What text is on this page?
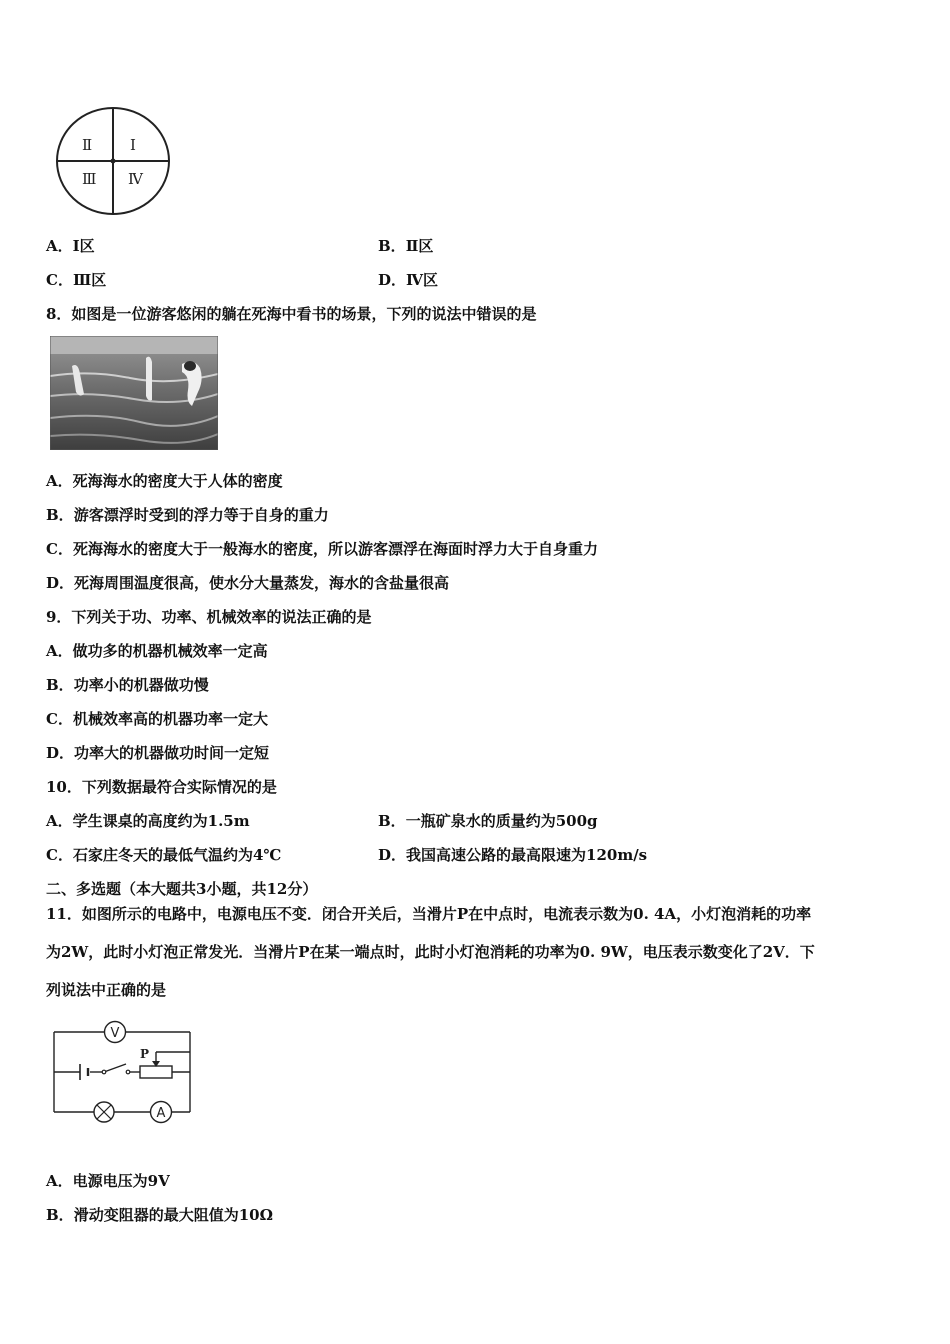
Ⅱ	Ⅰ
Ⅲ Ⅳ
A．Ⅰ区	B．Ⅱ区
C．Ⅲ区	D．Ⅳ区
8．如图是一位游客悠闲的躺在死海中看书的场景，下列的说法中错误的是
A．死海海水的密度大于人体的密度
B．游客漂浮时受到的浮力等于自身的重力
C．死海海水的密度大于一般海水的密度，所以游客漂浮在海面时浮力大于自身重力
D．死海周围温度很高，使水分大量蒸发，海水的含盐量很高
9．下列关于功、功率、机械效率的说法正确的是
A．做功多的机器机械效率一定高
B．功率小的机器做功慢
C．机械效率高的机器功率一定大
D．功率大的机器做功时间一定短
10．下列数据最符合实际情况的是
A．学生课桌的高度约为1.5m	B．一瓶矿泉水的质量约为500g
C．石家庄冬天的最低气温约为4℃	D．我国高速公路的最高限速为120m/s
二、多选题（本大题共3小题，共12分）
11．如图所示的电路中，电源电压不变．闭合开关后，当滑片P在中点时，电流表示数为0. 4A，小灯泡消耗的功率
为2W，此时小灯泡正常发光．当滑片P在某一端点时，此时小灯泡消耗的功率为0. 9W，电压表示数变化了2V．下
列说法中正确的是
P
V
A
A．电源电压为9V
B．滑动变阻器的最大阻值为10Ω
